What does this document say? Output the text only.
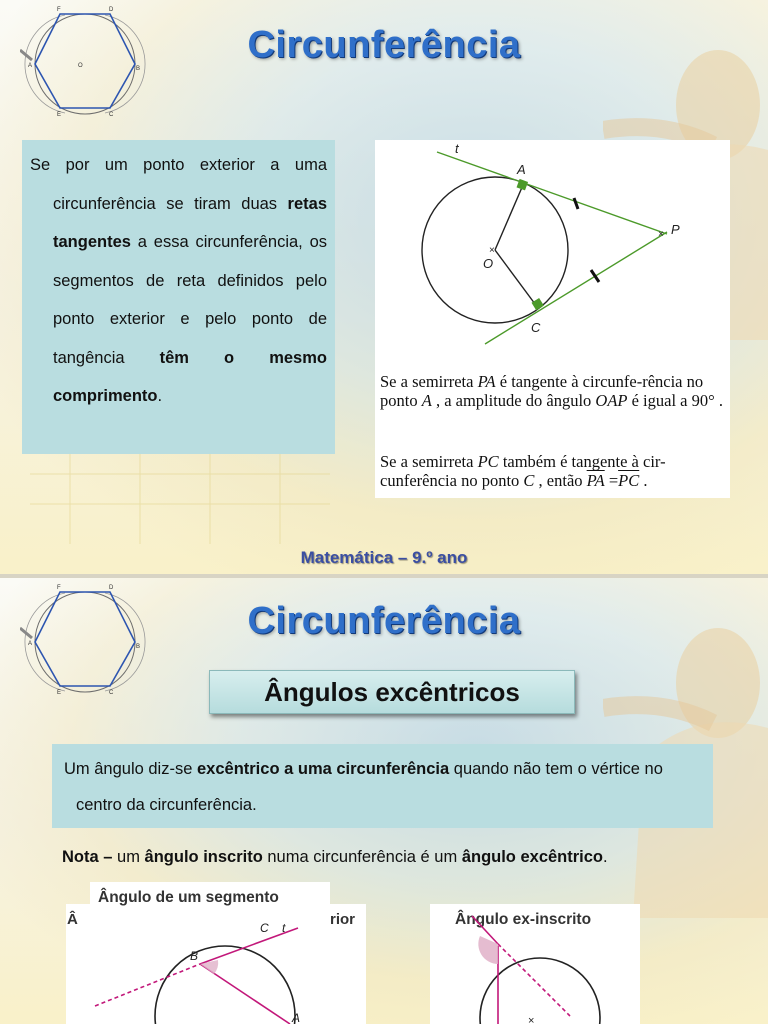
F	D
A	O	B
E	C
Circunferência

Se por um ponto exterior a uma circunferência se tiram duas retas tangentes a essa circunferência, os segmentos de reta definidos pelo ponto exterior e pelo ponto de tangência têm o mesmo comprimento.

t
A
O
P
C
×
×
Se a semirreta PA é tangente à circunfe-rência no ponto A , a amplitude do ângulo OAP é igual a 90° .
Se a semirreta PC também é tangente à cir-cunferência no ponto C , então $\overline{PA} =\overline{PC}$ .
Matemática – 9.º ano
F	D
A	B
E	C
Circunferência
Ângulos excêntricos

Um ângulo diz-se excêntrico a uma circunferência quando não tem o vértice no centro da circunferência.

Nota – um ângulo inscrito numa circunferência é um ângulo excêntrico.
Â	rior
Ângulo de um segmento
Ângulo ex-inscrito
B
C t
A	×
